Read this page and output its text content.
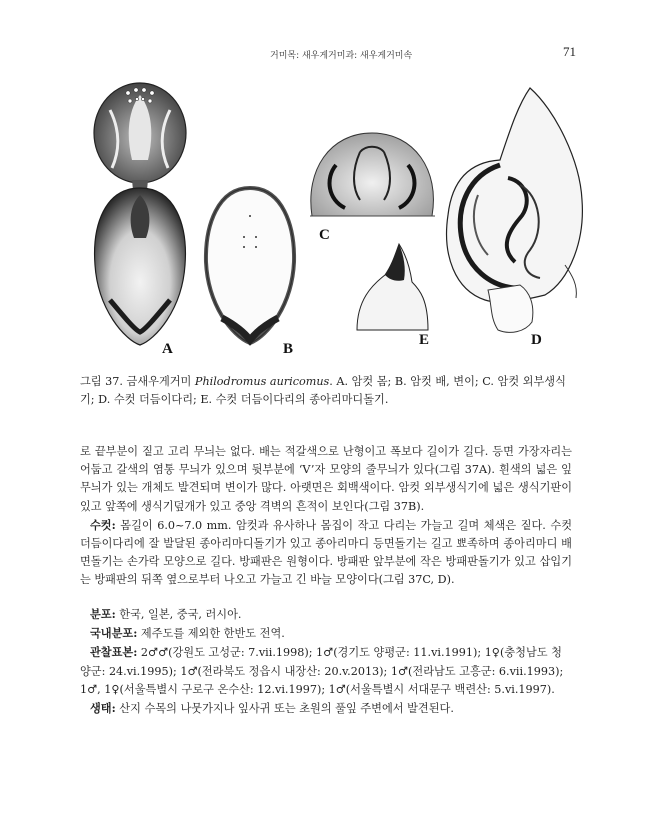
거미목: 새우게거미과: 새우게거미속	71
A	B
C
D
E
그림 37. 금새우게거미 Philodromus auricomus. A. 암컷 몸; B. 암컷 배, 변이; C. 암컷 외부생식기; D. 수컷 더듬이다리; E. 수컷 더듬이다리의 종아리마디돌기.

로 끝부분이 짙고 고리 무늬는 없다. 배는 적갈색으로 난형이고 폭보다 길이가 길다. 등면 가장자리는 어둡고 갈색의 염통 무늬가 있으며 뒷부분에 ‘V’자 모양의 줄무늬가 있다(그림 37A). 흰색의 넓은 잎무늬가 있는 개체도 발견되며 변이가 많다. 아랫면은 회백색이다. 암컷 외부생식기에 넓은 생식기판이 있고 앞쪽에 생식기덮개가 있고 중앙 격벽의 흔적이 보인다(그림 37B).

수컷: 몸길이 6.0~7.0 mm. 암컷과 유사하나 몸집이 작고 다리는 가늘고 길며 체색은 짙다. 수컷 더듬이다리에 잘 발달된 종아리마디돌기가 있고 종아리마디 등면돌기는 길고 뾰족하며 종아리마디 배면돌기는 손가락 모양으로 길다. 방패판은 원형이다. 방패판 앞부분에 작은 방패판돌기가 있고 삽입기는 방패판의 뒤쪽 옆으로부터 나오고 가늘고 긴 바늘 모양이다(그림 37C, D).

분포: 한국, 일본, 중국, 러시아.

국내분포: 제주도를 제외한 한반도 전역.

관찰표본: 2♂♂(강원도 고성군: 7.vii.1998); 1♂(경기도 양평군: 11.vi.1991); 1♀(충청남도 청양군: 24.vi.1995); 1♂(전라북도 정읍시 내장산: 20.v.2013); 1♂(전라남도 고흥군: 6.vii.1993); 1♂, 1♀(서울특별시 구로구 온수산: 12.vi.1997); 1♂(서울특별시 서대문구 백련산: 5.vi.1997).

생태: 산지 수목의 나뭇가지나 잎사귀 또는 초원의 풀잎 주변에서 발견된다.
